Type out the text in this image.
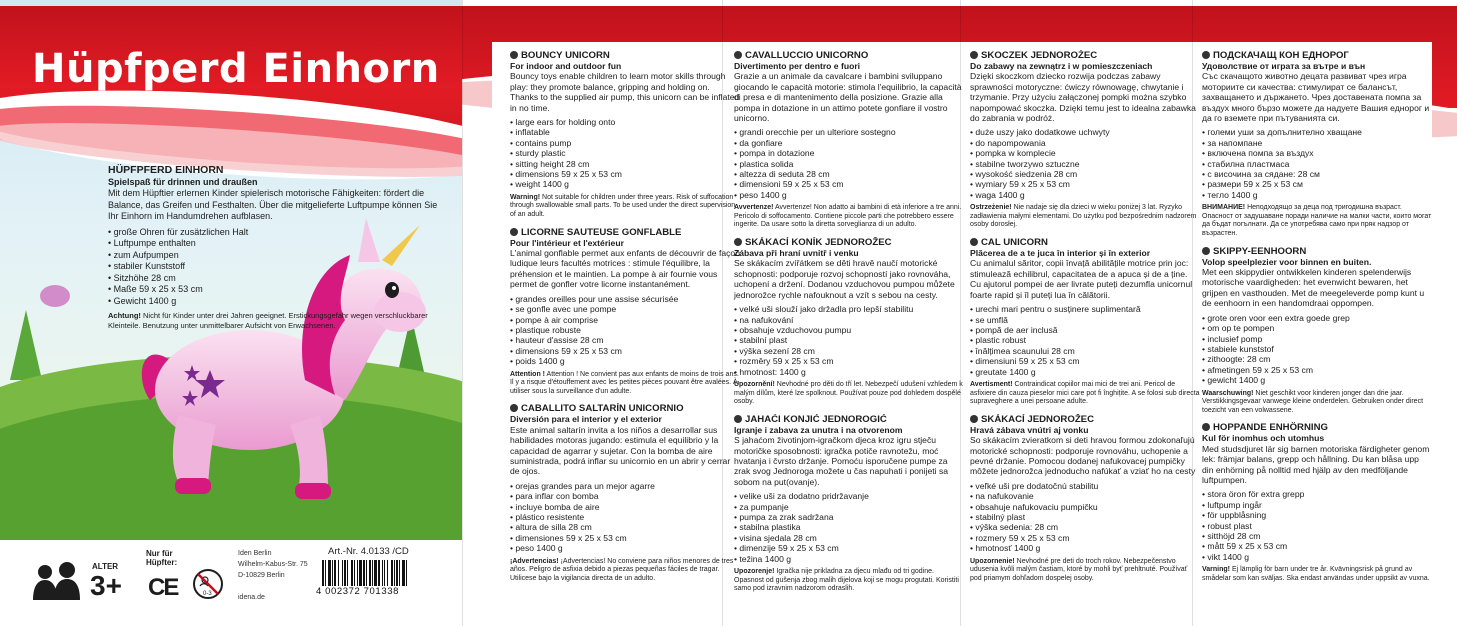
Hüpfperd Einhorn
HÜPFPFERD EINHORN
Spielspaß für drinnen und draußen
Mit dem Hüpftier erlernen Kinder spielerisch motorische Fähigkeiten: fördert die Balance, das Greifen und Festhalten. Über die mitgelieferte Luftpumpe können Sie Ihr Einhorn im Handumdrehen aufblasen.
• große Ohren für zusätzlichen Halt
• Luftpumpe enthalten
• zum Aufpumpen
• stabiler Kunststoff
• Sitzhöhe 28 cm
• Maße 59 x 25 x 53 cm
• Gewicht 1400 g
Achtung! Nicht für Kinder unter drei Jahren geeignet. Erstickungsgefahr wegen verschluckbarer Kleinteile. Benutzung unter unmittelbarer Aufsicht von Erwachsenen.
ALTER
3+
Nur für Hüpfter:
CE	0-3
Iden Berlin
Wilhelm-Kabus-Str. 75
D-10829 Berlin
idena.de
Art.-Nr. 4.0133 /CD
4 002372 701338
BOUNCY UNICORN
For indoor and outdoor fun
Bouncy toys enable children to learn motor skills through play: they promote balance, gripping and holding on. Thanks to the supplied air pump, this unicorn can be inflated in no time.
• large ears for holding onto
• inflatable
• contains pump
• sturdy plastic
• sitting height 28 cm
• dimensions 59 x 25 x 53 cm
• weight 1400 g
Warning! Not suitable for children under three years. Risk of suffocation through swallowable small parts. To be used under the direct supervision of an adult.
LICORNE SAUTEUSE GONFLABLE
Pour l'intérieur et l'extérieur
L'animal gonflable permet aux enfants de découvrir de façon ludique leurs facultés motrices : stimule l'équilibre, la préhension et le maintien. La pompe à air fournie vous permet de gonfler votre licorne instantanément.
• grandes oreilles pour une assise sécurisée
• se gonfle avec une pompe
• pompe à air comprise
• plastique robuste
• hauteur d'assise 28 cm
• dimensions 59 x 25 x 53 cm
• poids 1400 g
Attention ! Attention ! Ne convient pas aux enfants de moins de trois ans. Il y a risque d'étouffement avec les petites pièces pouvant être avalées. À utiliser sous la surveillance d'un adulte.
CABALLITO SALTARÍN UNICORNIO
Diversión para el interior y el exterior
Este animal saltarín invita a los niños a desarrollar sus habilidades motoras jugando: estimula el equilibrio y la capacidad de agarrar y sujetar. Con la bomba de aire suministrada, podrá inflar su unicornio en un abrir y cerrar de ojos.
• orejas grandes para un mejor agarre
• para inflar con bomba
• incluye bomba de aire
• plástico resistente
• altura de silla 28 cm
• dimensiones 59 x 25 x 53 cm
• peso 1400 g
¡Advertencias! ¡Advertencias! No conviene para niños menores de tres años. Peligro de asfixia debido a piezas pequeñas fáciles de tragar. Utilicese bajo la vigilancia directa de un adulto.
CAVALLUCCIO UNICORNO
Divertimento per dentro e fuori
Grazie a un animale da cavalcare i bambini sviluppano giocando le capacità motorie: stimola l'equilibrio, la capacità di presa e di mantenimento della posizione. Grazie alla pompa in dotazione in un attimo potete gonfiare il vostro unicorno.
• grandi orecchie per un ulteriore sostegno
• da gonfiare
• pompa in dotazione
• plastica solida
• altezza di seduta 28 cm
• dimensioni 59 x 25 x 53 cm
• peso 1400 g
Avvertenze! Avvertenze! Non adatto ai bambini di età inferiore a tre anni. Pericolo di soffocamento. Contiene piccole parti che potrebbero essere ingerite. Da usare sotto la diretta sorveglianza di un adulto.
SKÁKACÍ KONÍK JEDNOROŽEC
Zábava při hraní uvnitř i venku
Se skákacím zvířátkem se děti hravě naučí motorické schopnosti: podporuje rozvoj schopností jako rovnováha, uchopení a držení. Dodanou vzduchovou pumpou můžete jednorožce rychle nafouknout a vzít s sebou na cesty.
• velké uši slouží jako držadla pro lepší stabilitu
• na nafukování
• obsahuje vzduchovou pumpu
• stabilní plast
• výška sezení 28 cm
• rozměry 59 x 25 x 53 cm
• hmotnost: 1400 g
Upozornění! Nevhodné pro děti do tří let. Nebezpečí udušení vzhledem k malým dílům, které lze spolknout. Používat pouze pod dohledem dospělé osoby.
JAHAĆI KONJIĆ JEDNOROGIĆ
Igranje i zabava za unutra i na otvorenom
S jahaćom životinjom-igračkom djeca kroz igru stječu motoričke sposobnosti: igračka potiče ravnotežu, moć hvatanja i čvrsto držanje. Pomoću isporučene pumpe za zrak svog Jednoroga možete u čas napuhati i ponijeti sa sobom na put(ovanje).
• velike uši za dodatno pridržavanje
• za pumpanje
• pumpa za zrak sadržana
• stabilna plastika
• visina sjedala 28 cm
• dimenzije 59 x 25 x 53 cm
• težina 1400 g
Upozorenje! Igračka nije prikladna za djecu mlađu od tri godine. Opasnost od gušenja zbog malih dijelova koji se mogu progutati. Koristiti samo pod izravnim nadzorom odraslih.
SKOCZEK JEDNOROŻEC
Do zabawy na zewnątrz i w pomieszczeniach
Dzięki skoczkom dziecko rozwija podczas zabawy sprawności motoryczne: ćwiczy równowagę, chwytanie i trzymanie. Przy użyciu załączonej pompki można szybko napompować skoczka. Dzięki temu jest to idealna zabawka do zabrania w podróż.
• duże uszy jako dodatkowe uchwyty
• do napompowania
• pompka w komplecie
• stabilne tworzywo sztuczne
• wysokość siedzenia 28 cm
• wymiary 59 x 25 x 53 cm
• waga 1400 g
Ostrzeżenie! Nie nadaje się dla dzieci w wieku poniżej 3 lat. Ryzyko zadławienia małymi elementami. Do użytku pod bezpośrednim nadzorem osoby dorosłej.
CAL UNICORN
Plăcerea de a te juca în interior și în exterior
Cu animalul săritor, copii învață abilitățile motrice prin joc: stimulează echilibrul, capacitatea de a apuca și de a ține. Cu ajutorul pompei de aer livrate puteți dezumfla unicornul foarte rapid și îl puteți lua în călătorii.
• urechi mari pentru o susținere suplimentară
• se umflă
• pompă de aer inclusă
• plastic robust
• înălțimea scaunului 28 cm
• dimensiuni 59 x 25 x 53 cm
• greutate 1400 g
Avertisment! Contraindicat copiilor mai mici de trei ani. Pericol de asfixiere din cauza pieselor mici care pot fi înghițite. A se folosi sub directa supraveghere a unei persoane adulte.
SKÁKACÍ JEDNOROŽEC
Hravá zábava vnútri aj vonku
So skákacím zvieratkom si deti hravou formou zdokonaľujú motorické schopnosti: podporuje rovnováhu, uchopenie a pevné držanie. Pomocou dodanej nafukovacej pumpičky môžete jednorožca jednoducho nafúkať a vziať ho na cesty
• veľké uši pre dodatočnú stabilitu
• na nafukovanie
• obsahuje nafukovaciu pumpičku
• stabilný plast
• výška sedenia: 28 cm
• rozmery 59 x 25 x 53 cm
• hmotnosť 1400 g
Upozornenie! Nevhodné pre deti do troch rokov. Nebezpečenstvo udusenia kvôli malým častiam, ktoré by mohli byť prehltnuté. Používať pod priamym dohľadom dospelej osoby.
ПОДСКАЧАЩ КОН ЕДНОРОГ
Удоволствие от играта за вътре и вън
Със скачащото животно децата развиват чрез игра моториите си качества: стимулират се балансът, захващането и държането. Чрез доставената помпа за въздух много бързо можете да надуете Вашия еднорог и да го вземете при пътуванията си.
• големи уши за допълнително хващане
• за напомпане
• включена помпа за въздух
• стабилна пластмаса
• с височина за сядане: 28 см
• размери 59 x 25 x 53 см
• тегло 1400 g
ВНИМАНИЕ! Неподходящо за деца под тригодишна възраст. Опасност от задушаване поради наличие на малки части, които могат да бъдат погълнати. Да се употребява само при пряк надзор от възрастен.
SKIPPY-EENHOORN
Volop speelplezier voor binnen en buiten.
Met een skippydier ontwikkelen kinderen spelenderwijs motorische vaardigheden: het evenwicht bewaren, het grijpen en vasthouden. Met de meegeleverde pomp kunt u de eenhoorn in een handomdraai oppompen.
• grote oren voor een extra goede grep
• om op te pompen
• inclusief pomp
• stabiele kunststof
• zithoogte: 28 cm
• afmetingen 59 x 25 x 53 cm
• gewicht 1400 g
Waarschuwing! Niet geschikt voor kinderen jonger dan drie jaar. Verstikkingsgevaar vanwege kleine onderdelen. Gebruiken onder direct toezicht van een volwassene.
HOPPANDE ENHÖRNING
Kul för inomhus och utomhus
Med studsdjuret lär sig barnen motoriska färdigheter genom lek: främjar balans, grepp och hållning. Du kan blåsa upp din enhörning på nolltid med hjälp av den medföljande luftpumpen.
• stora öron för extra grepp
• luftpump ingår
• för uppblåsning
• robust plast
• sitthöjd 28 cm
• mått 59 x 25 x 53 cm
• vikt 1400 g
Varning! Ej lämplig för barn under tre år. Kvävningsrisk på grund av smådelar som kan sväljas. Ska endast användas under uppsikt av vuxna.
